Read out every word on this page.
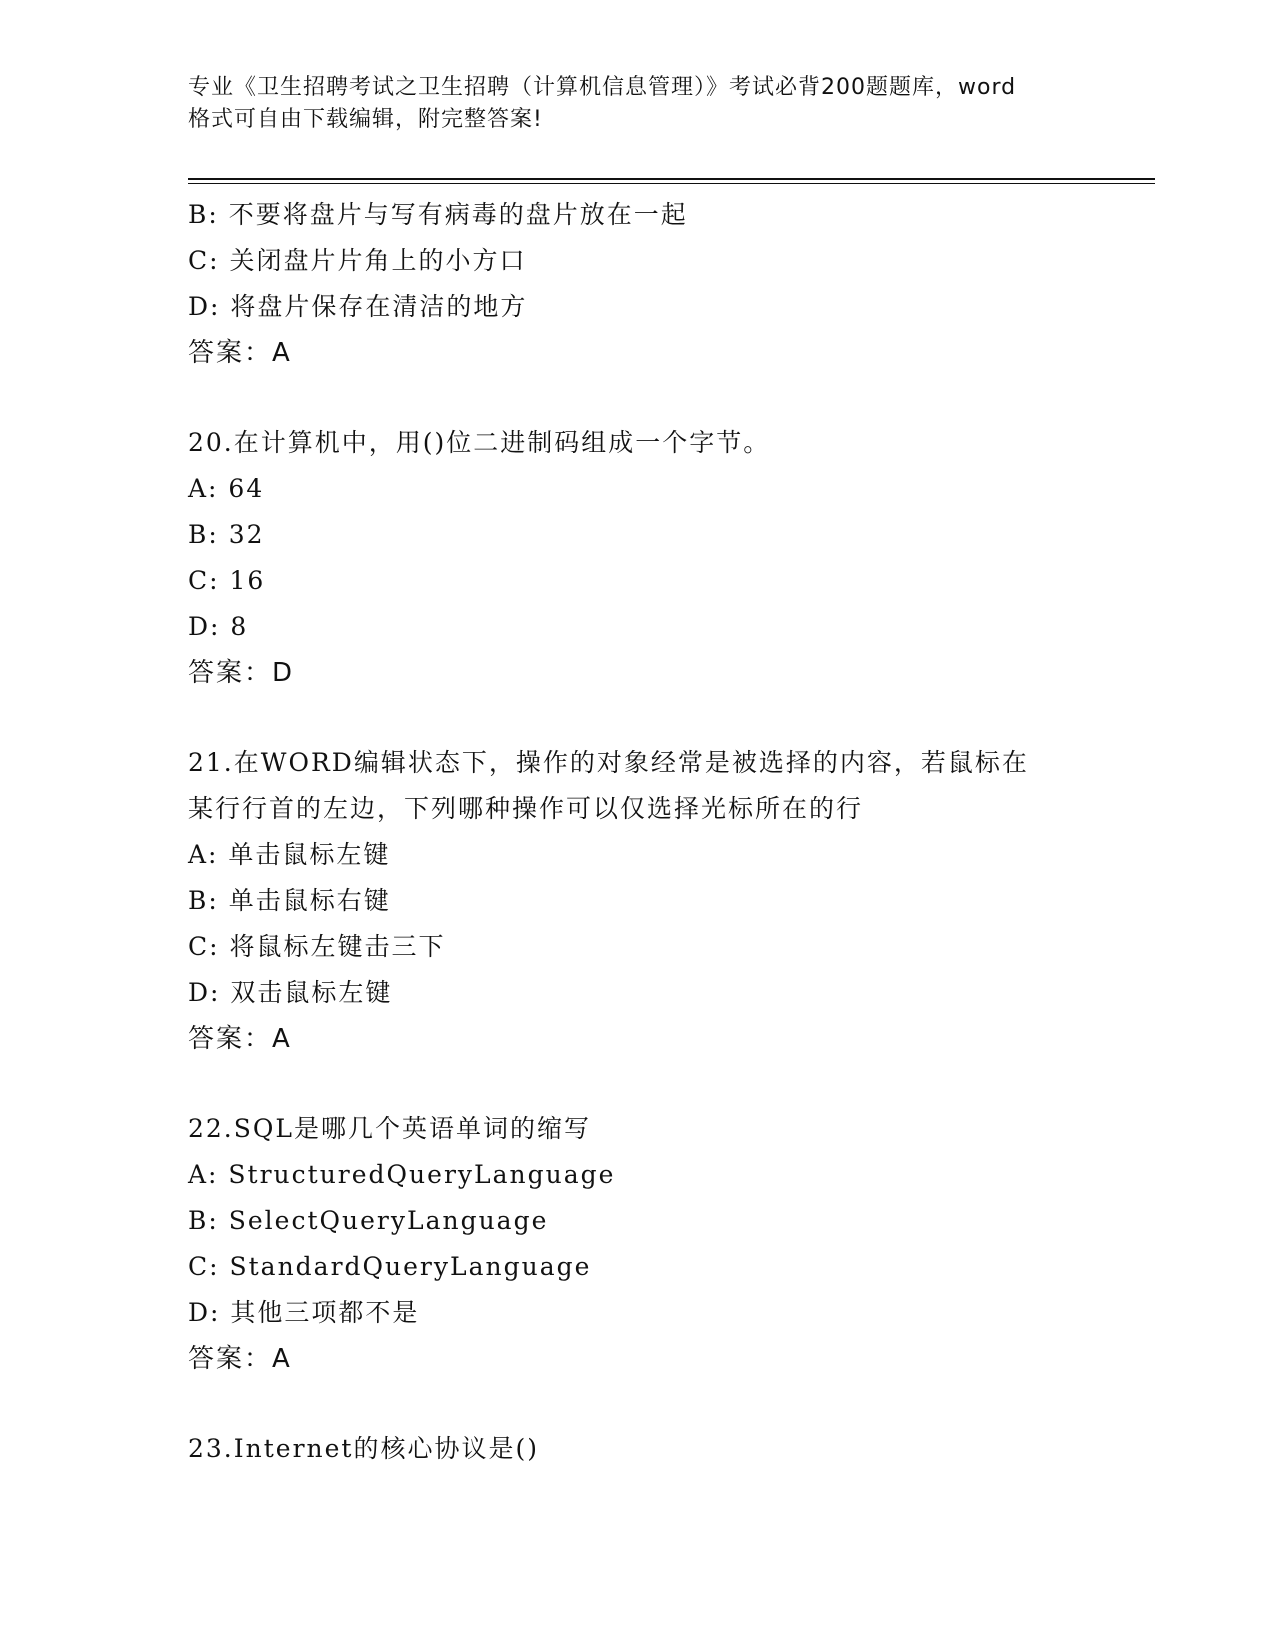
专业《卫生招聘考试之卫生招聘（计算机信息管理）》考试必背200题题库，word
格式可自由下载编辑，附完整答案!
B: 不要将盘片与写有病毒的盘片放在一起
C: 关闭盘片片角上的小方口
D: 将盘片保存在清洁的地方
答案：A
20.在计算机中，用()位二进制码组成一个字节。
A: 64
B: 32
C: 16
D: 8
答案：D
21.在WORD编辑状态下，操作的对象经常是被选择的内容，若鼠标在
某行行首的左边，下列哪种操作可以仅选择光标所在的行
A: 单击鼠标左键
B: 单击鼠标右键
C: 将鼠标左键击三下
D: 双击鼠标左键
答案：A
22.SQL是哪几个英语单词的缩写
A: StructuredQueryLanguage
B: SelectQueryLanguage
C: StandardQueryLanguage
D: 其他三项都不是
答案：A
23.Internet的核心协议是()
